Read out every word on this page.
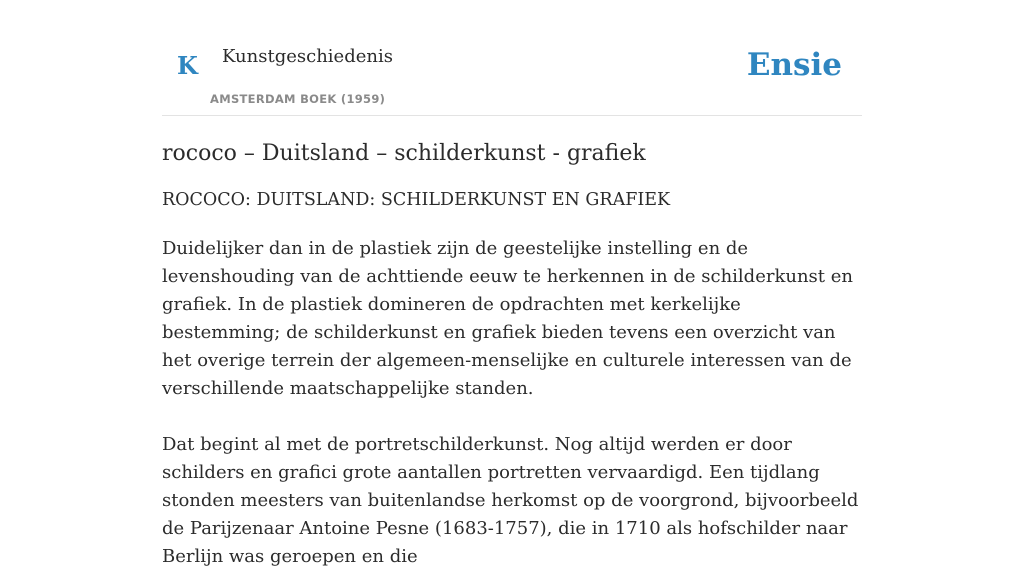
K Kunstgeschiedenis
AMSTERDAM BOEK (1959)
Ensie
rococo – Duitsland – schilderkunst - grafiek
ROCOCO: DUITSLAND: SCHILDERKUNST EN GRAFIEK

Duidelijker dan in de plastiek zijn de geestelijke instelling en de levenshouding van de achttiende eeuw te herkennen in de schilderkunst en grafiek. In de plastiek domineren de opdrachten met kerkelijke bestemming; de schilderkunst en grafiek bieden tevens een overzicht van het overige terrein der algemeen-menselijke en culturele interessen van de verschillende maatschappelijke standen.

Dat begint al met de portretschilderkunst. Nog altijd werden er door schilders en grafici grote aantallen portretten vervaardigd. Een tijdlang stonden meesters van buitenlandse herkomst op de voorgrond, bijvoorbeeld de Parijzenaar Antoine Pesne (1683-1757), die in 1710 als hofschilder naar Berlijn was geroepen en die
